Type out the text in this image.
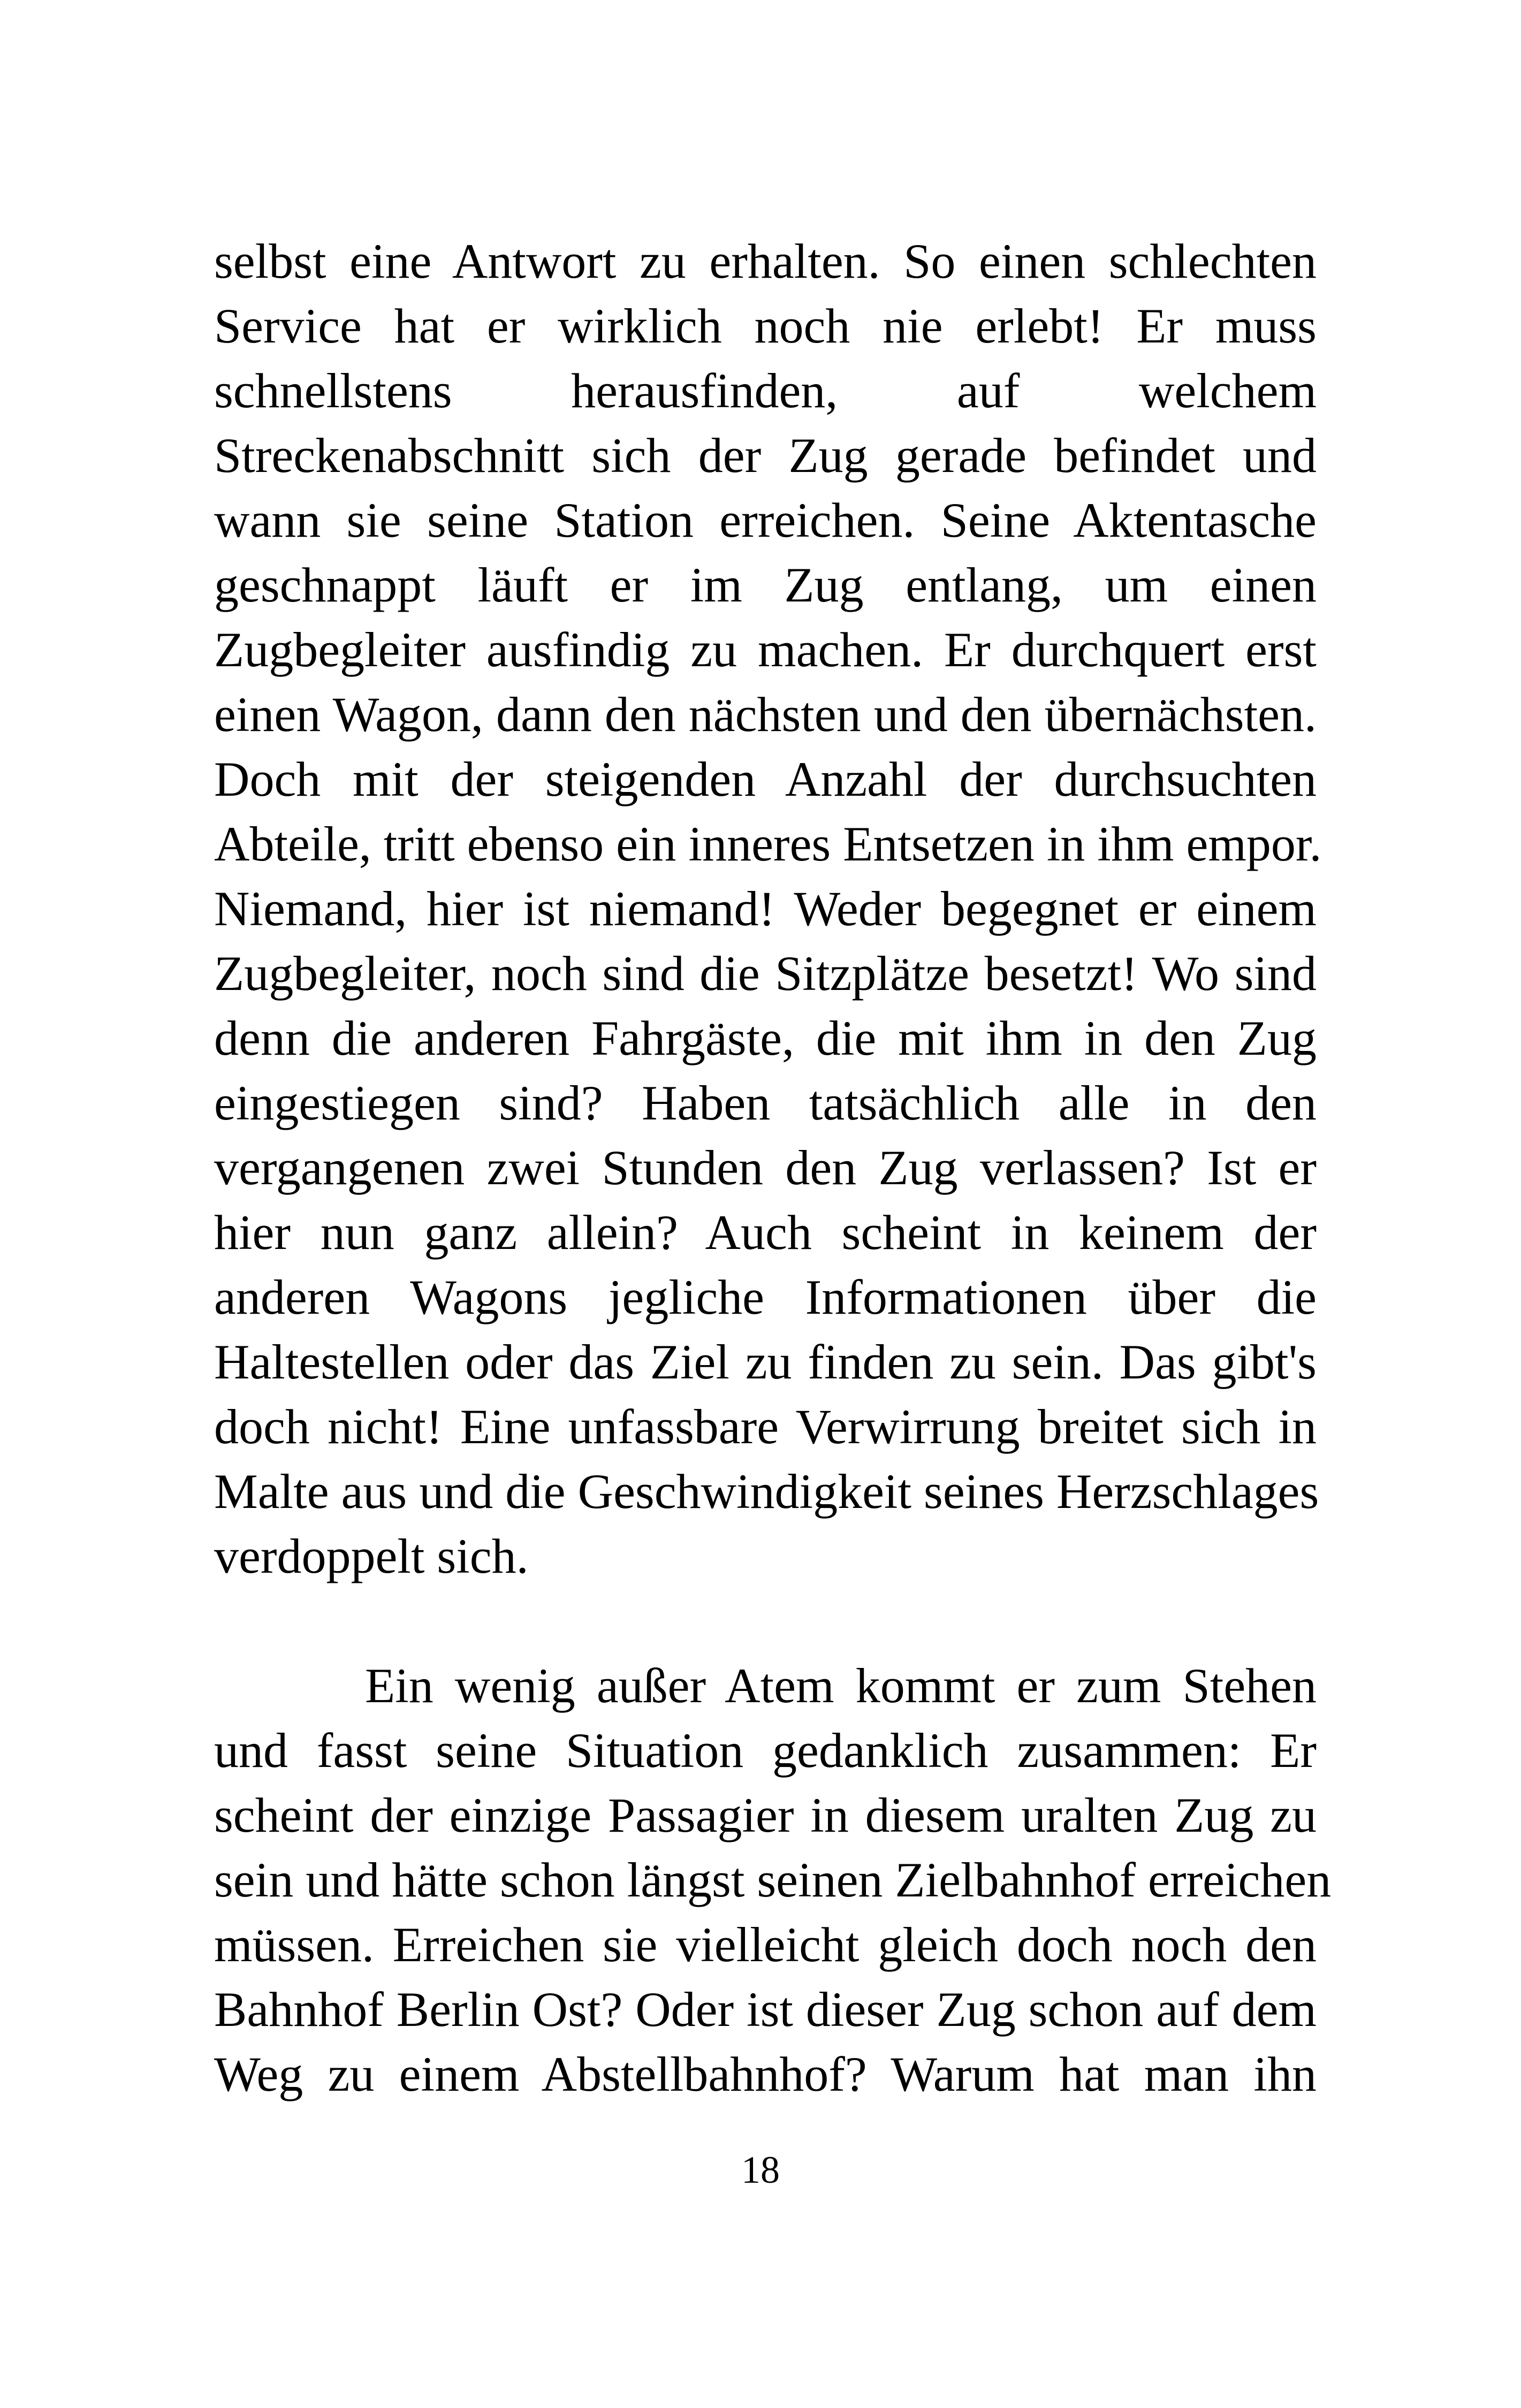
selbst eine Antwort zu erhalten. So einen schlechten
Service hat er wirklich noch nie erlebt! Er muss
schnellstens herausfinden, auf welchem
Streckenabschnitt sich der Zug gerade befindet und
wann sie seine Station erreichen. Seine Aktentasche
geschnappt läuft er im Zug entlang, um einen
Zugbegleiter ausfindig zu machen. Er durchquert erst
einen Wagon, dann den nächsten und den übernächsten.
Doch mit der steigenden Anzahl der durchsuchten
Abteile, tritt ebenso ein inneres Entsetzen in ihm empor.
Niemand, hier ist niemand! Weder begegnet er einem
Zugbegleiter, noch sind die Sitzplätze besetzt! Wo sind
denn die anderen Fahrgäste, die mit ihm in den Zug
eingestiegen sind? Haben tatsächlich alle in den
vergangenen zwei Stunden den Zug verlassen? Ist er
hier nun ganz allein? Auch scheint in keinem der
anderen Wagons jegliche Informationen über die
Haltestellen oder das Ziel zu finden zu sein. Das gibt's
doch nicht! Eine unfassbare Verwirrung breitet sich in
Malte aus und die Geschwindigkeit seines Herzschlages
verdoppelt sich.
Ein wenig außer Atem kommt er zum Stehen
und fasst seine Situation gedanklich zusammen: Er
scheint der einzige Passagier in diesem uralten Zug zu
sein und hätte schon längst seinen Zielbahnhof erreichen
müssen. Erreichen sie vielleicht gleich doch noch den
Bahnhof Berlin Ost? Oder ist dieser Zug schon auf dem
Weg zu einem Abstellbahnhof? Warum hat man ihn
18
